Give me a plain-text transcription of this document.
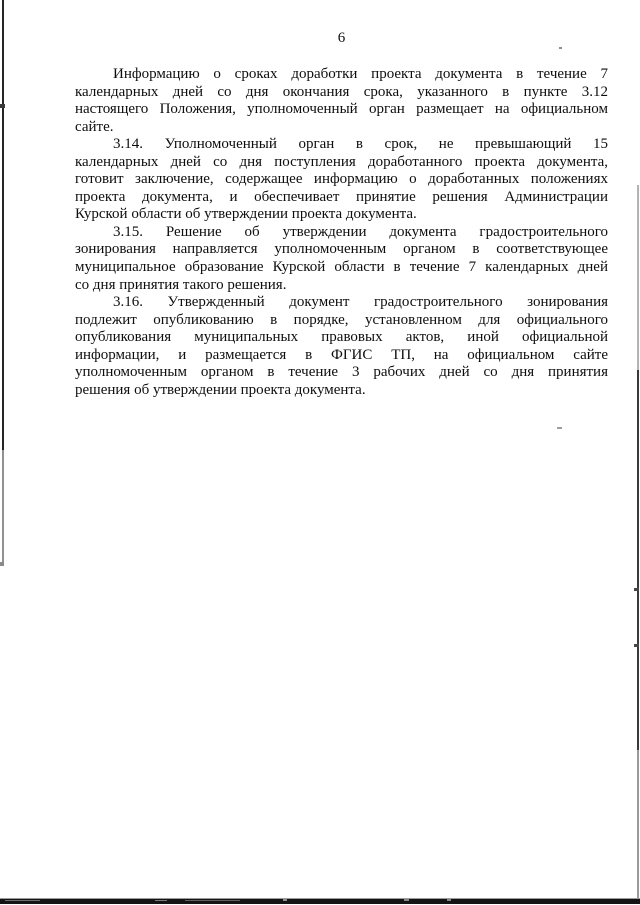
6
Информацию о сроках доработки проекта документа в течение 7
календарных дней со дня окончания срока, указанного в пункте 3.12
настоящего Положения, уполномоченный орган размещает на официальном
сайте.
3.14. Уполномоченный орган в срок, не превышающий 15
календарных дней со дня поступления доработанного проекта документа,
готовит заключение, содержащее информацию о доработанных положениях
проекта документа, и обеспечивает принятие решения Администрации
Курской области об утверждении проекта документа.
3.15. Решение об утверждении документа градостроительного
зонирования направляется уполномоченным органом в соответствующее
муниципальное образование Курской области в течение 7 календарных дней
со дня принятия такого решения.
3.16. Утвержденный документ градостроительного зонирования
подлежит опубликованию в порядке, установленном для официального
опубликования муниципальных правовых актов, иной официальной
информации, и размещается в ФГИС ТП, на официальном сайте
уполномоченным органом в течение 3 рабочих дней со дня принятия
решения об утверждении проекта документа.
